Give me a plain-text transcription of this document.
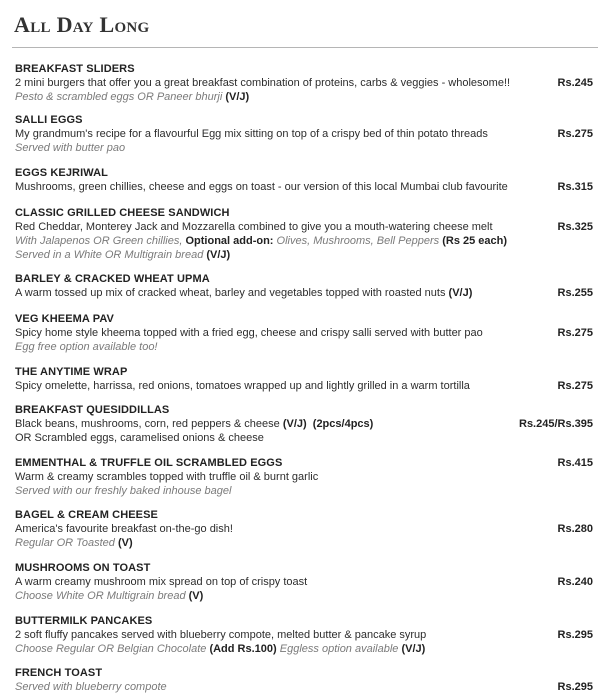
All Day Long
BREAKFAST SLIDERS
2 mini burgers that offer you a great breakfast combination of proteins, carbs & veggies - wholesome!!
Pesto & scrambled eggs OR Paneer bhurji (V/J)
Rs.245
SALLI EGGS
My grandmum's recipe for a flavourful Egg mix sitting on top of a crispy bed of thin potato threads
Served with butter pao
Rs.275
EGGS KEJRIWAL
Mushrooms, green chillies, cheese and eggs on toast - our version of this local Mumbai club favourite	Rs.315
CLASSIC GRILLED CHEESE SANDWICH
Red Cheddar, Monterey Jack and Mozzarella combined to give you a mouth-watering cheese melt
With Jalapenos OR Green chillies, Optional add-on: Olives, Mushrooms, Bell Peppers (Rs 25 each)
Served in a White OR Multigrain bread (V/J)
Rs.325
BARLEY & CRACKED WHEAT UPMA
A warm tossed up mix of cracked wheat, barley and vegetables topped with roasted nuts (V/J)	Rs.255
VEG KHEEMA PAV
Spicy home style kheema topped with a fried egg, cheese and crispy salli served with butter pao
Egg free option available too!
Rs.275
THE ANYTIME WRAP
Spicy omelette, harrissa, red onions, tomatoes wrapped up and lightly grilled in a warm tortilla	Rs.275
BREAKFAST QUESIDDILLAS
Black beans, mushrooms, corn, red peppers & cheese (V/J) (2pcs/4pcs)
OR Scrambled eggs, caramelised onions & cheese
Rs.245/Rs.395
EMMENTHAL & TRUFFLE OIL SCRAMBLED EGGS
Warm & creamy scrambles topped with truffle oil & burnt garlic
Served with our freshly baked inhouse bagel
Rs.415
BAGEL & CREAM CHEESE
America's favourite breakfast on-the-go dish!
Regular OR Toasted (V)
Rs.280
MUSHROOMS ON TOAST
A warm creamy mushroom mix spread on top of crispy toast
Choose White OR Multigrain bread (V)
Rs.240
BUTTERMILK PANCAKES
2 soft fluffy pancakes served with blueberry compote, melted butter & pancake syrup
Choose Regular OR Belgian Chocolate (Add Rs.100) Eggless option available (V/J)
Rs.295
FRENCH TOAST
Served with blueberry compote	Rs.295
